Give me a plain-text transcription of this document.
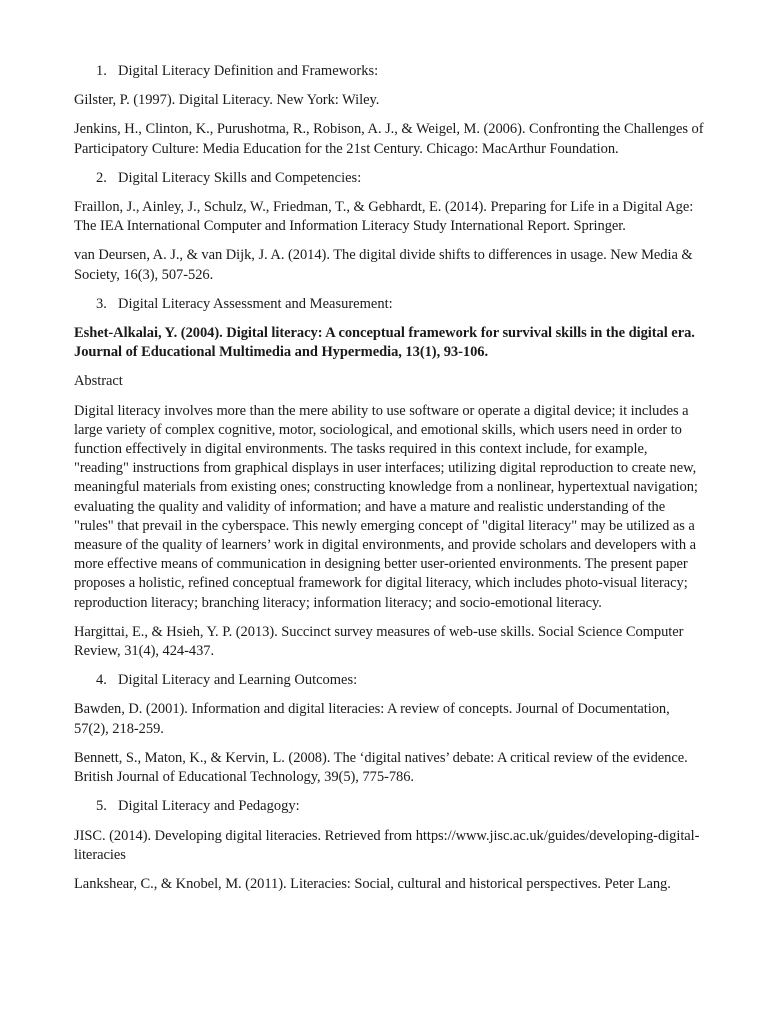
1. Digital Literacy Definition and Frameworks:

Gilster, P. (1997). Digital Literacy. New York: Wiley.

Jenkins, H., Clinton, K., Purushotma, R., Robison, A. J., & Weigel, M. (2006). Confronting the Challenges of Participatory Culture: Media Education for the 21st Century. Chicago: MacArthur Foundation.

2. Digital Literacy Skills and Competencies:

Fraillon, J., Ainley, J., Schulz, W., Friedman, T., & Gebhardt, E. (2014). Preparing for Life in a Digital Age: The IEA International Computer and Information Literacy Study International Report. Springer.

van Deursen, A. J., & van Dijk, J. A. (2014). The digital divide shifts to differences in usage. New Media & Society, 16(3), 507-526.

3. Digital Literacy Assessment and Measurement:

Eshet-Alkalai, Y. (2004). Digital literacy: A conceptual framework for survival skills in the digital era. Journal of Educational Multimedia and Hypermedia, 13(1), 93-106.

Abstract

Digital literacy involves more than the mere ability to use software or operate a digital device; it includes a large variety of complex cognitive, motor, sociological, and emotional skills, which users need in order to function effectively in digital environments. The tasks required in this context include, for example, "reading" instructions from graphical displays in user interfaces; utilizing digital reproduction to create new, meaningful materials from existing ones; constructing knowledge from a nonlinear, hypertextual navigation; evaluating the quality and validity of information; and have a mature and realistic understanding of the "rules" that prevail in the cyberspace. This newly emerging concept of "digital literacy" may be utilized as a measure of the quality of learners’ work in digital environments, and provide scholars and developers with a more effective means of communication in designing better user-oriented environments. The present paper proposes a holistic, refined conceptual framework for digital literacy, which includes photo-visual literacy; reproduction literacy; branching literacy; information literacy; and socio-emotional literacy.

Hargittai, E., & Hsieh, Y. P. (2013). Succinct survey measures of web-use skills. Social Science Computer Review, 31(4), 424-437.

4. Digital Literacy and Learning Outcomes:

Bawden, D. (2001). Information and digital literacies: A review of concepts. Journal of Documentation, 57(2), 218-259.

Bennett, S., Maton, K., & Kervin, L. (2008). The ‘digital natives’ debate: A critical review of the evidence. British Journal of Educational Technology, 39(5), 775-786.

5. Digital Literacy and Pedagogy:

JISC. (2014). Developing digital literacies. Retrieved from https://www.jisc.ac.uk/guides/developing-digital-literacies

Lankshear, C., & Knobel, M. (2011). Literacies: Social, cultural and historical perspectives. Peter Lang.
